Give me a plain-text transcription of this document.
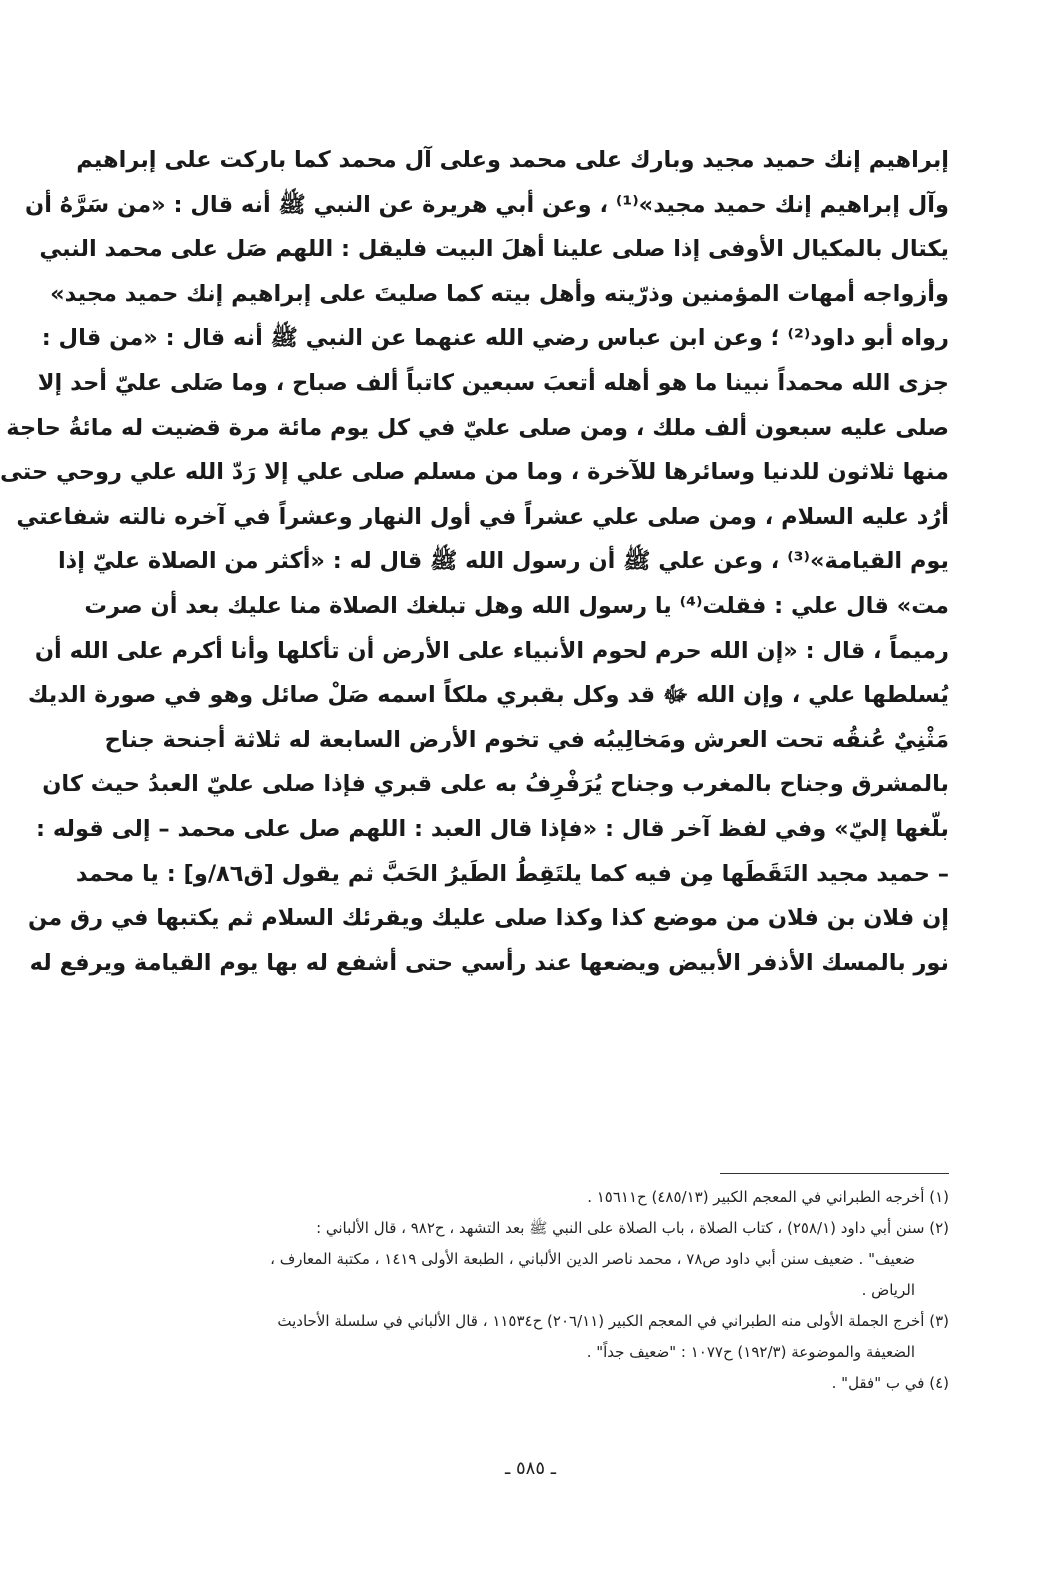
إبراهيم إنك حميد مجيد وبارك على محمد وعلى آل محمد كما باركت على إبراهيم
وآل إبراهيم إنك حميد مجيد»⁽¹⁾ ، وعن أبي هريرة عن النبي ﷺ أنه قال : «من سَرَّهُ أن
يكتال بالمكيال الأوفى إذا صلى علينا أهلَ البيت فليقل : اللهم صَل على محمد النبي
وأزواجه أمهات المؤمنين وذرّيته وأهل بيته كما صليتَ على إبراهيم إنك حميد مجيد»
رواه أبو داود⁽²⁾ ؛ وعن ابن عباس رضي الله عنهما عن النبي ﷺ أنه قال : «من قال :
جزى الله محمداً نبينا ما هو أهله أتعبَ سبعين كاتباً ألف صباح ، وما صَلى عليّ أحد إلا
صلى عليه سبعون ألف ملك ، ومن صلى عليّ في كل يوم مائة مرة قضيت له مائةُ حاجة
منها ثلاثون للدنيا وسائرها للآخرة ، وما من مسلم صلى علي إلا رَدّ الله علي روحي حتى
أرُد عليه السلام ، ومن صلى علي عشراً في أول النهار وعشراً في آخره نالته شفاعتي
يوم القيامة»⁽³⁾ ، وعن علي ﷺ أن رسول الله ﷺ قال له : «أكثر من الصلاة عليّ إذا
مت» قال علي : فقلت⁽⁴⁾ يا رسول الله وهل تبلغك الصلاة منا عليك بعد أن صرت
رميماً ، قال : «إن الله حرم لحوم الأنبياء على الأرض أن تأكلها وأنا أكرم على الله أن
يُسلطها علي ، وإن الله ﷻ قد وكل بقبري ملكاً اسمه صَلْ صائل وهو في صورة الديك
مَثْنِيٌ عُنقُه تحت العرش ومَخالِيبُه في تخوم الأرض السابعة له ثلاثة أجنحة جناح
بالمشرق وجناح بالمغرب وجناح يُرَفْرِفُ به على قبري فإذا صلى عليّ العبدُ حيث كان
بلّغها إليّ» وفي لفظ آخر قال : «فإذا قال العبد : اللهم صل على محمد – إلى قوله :
– حميد مجيد التَقَطَها مِن فيه كما يلتَقِطُ الطَيرُ الحَبَّ ثم يقول [ق٨٦/و] : يا محمد
إن فلان بن فلان من موضع كذا وكذا صلى عليك ويقرئك السلام ثم يكتبها في رق من
نور بالمسك الأذفر الأبيض ويضعها عند رأسي حتى أشفع له بها يوم القيامة ويرفع له

(١) أخرجه الطبراني في المعجم الكبير (٤٨٥/١٣) ح١٥٦١١ .

(٢) سنن أبي داود (٢٥٨/١) ، كتاب الصلاة ، باب الصلاة على النبي ﷺ بعد التشهد ، ح٩٨٢ ، قال الألباني :

ضعيف" . ضعيف سنن أبي داود ص٧٨ ، محمد ناصر الدين الألباني ، الطبعة الأولى ١٤١٩ ، مكتبة المعارف ،

الرياض .

(٣) أخرج الجملة الأولى منه الطبراني في المعجم الكبير (٢٠٦/١١) ح١١٥٣٤ ، قال الألباني في سلسلة الأحاديث

الضعيفة والموضوعة (١٩٢/٣) ح١٠٧٧ : "ضعيف جداً" .

(٤) في ب "فقل" .

ـ ٥٨٥ ـ
